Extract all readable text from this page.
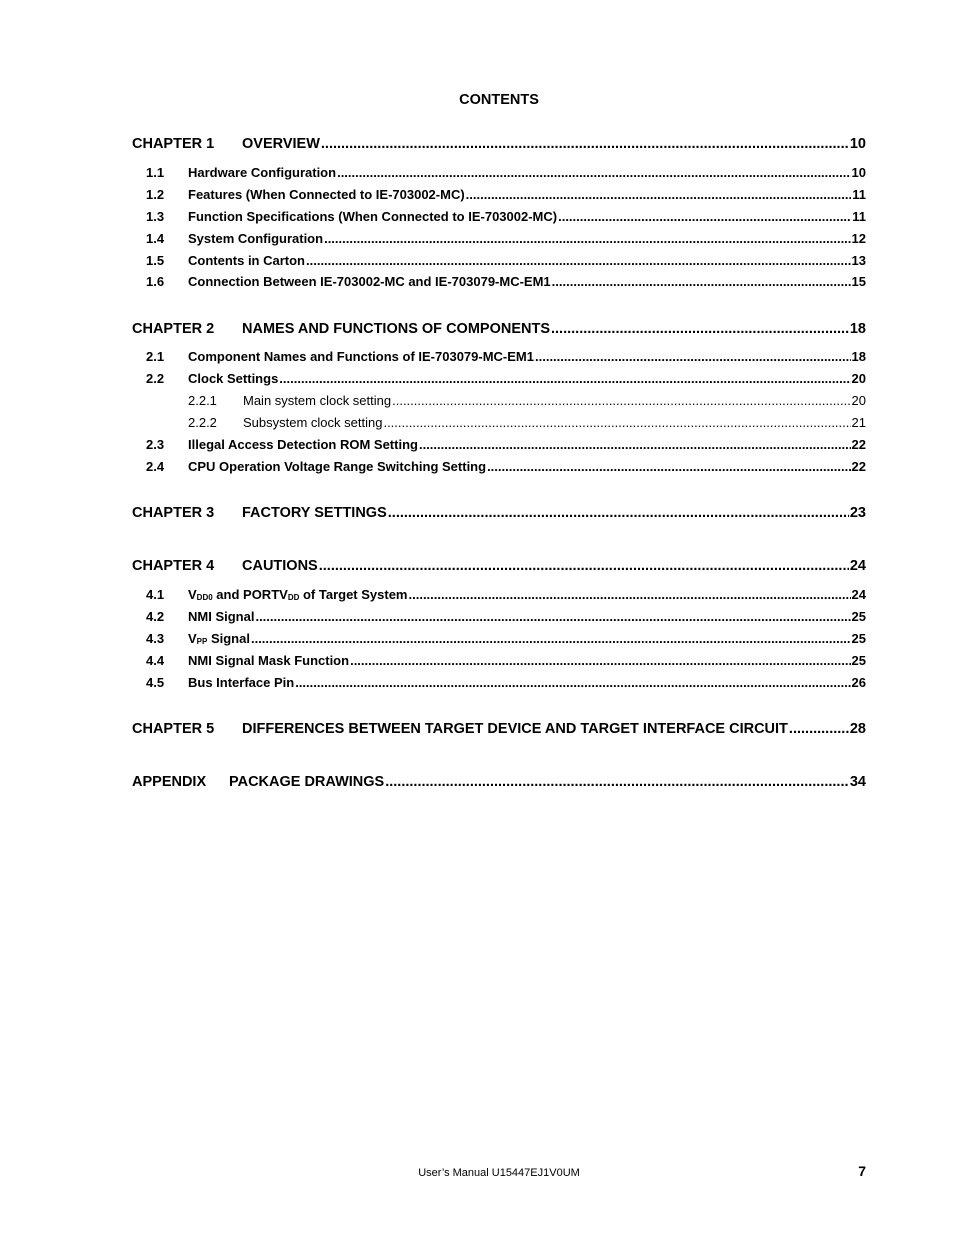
CONTENTS
CHAPTER 1	OVERVIEW .....	10
1.1	Hardware Configuration .....	10
1.2	Features (When Connected to IE-703002-MC) .....	11
1.3	Function Specifications (When Connected to IE-703002-MC) .....	11
1.4	System Configuration .....	12
1.5	Contents in Carton .....	13
1.6	Connection Between IE-703002-MC and IE-703079-MC-EM1 .....	15
CHAPTER 2	NAMES AND FUNCTIONS OF COMPONENTS .....	18
2.1	Component Names and Functions of IE-703079-MC-EM1 .....	18
2.2	Clock Settings .....	20
2.2.1	Main system clock setting .....	20
2.2.2	Subsystem clock setting .....	21
2.3	Illegal Access Detection ROM Setting .....	22
2.4	CPU Operation Voltage Range Switching Setting .....	22
CHAPTER 3	FACTORY SETTINGS .....	23
CHAPTER 4	CAUTIONS .....	24
4.1	$V_{DD0}$ and $PORTV_{DD}$ of Target System .....	24
4.2	NMI Signal .....	25
4.3	$V_{PP}$ Signal .....	25
4.4	NMI Signal Mask Function .....	25
4.5	Bus Interface Pin .....	26
CHAPTER 5	DIFFERENCES BETWEEN TARGET DEVICE AND TARGET INTERFACE CIRCUIT .....	28
APPENDIX	PACKAGE DRAWINGS .....	34
User’s Manual U15447EJ1V0UM	7
